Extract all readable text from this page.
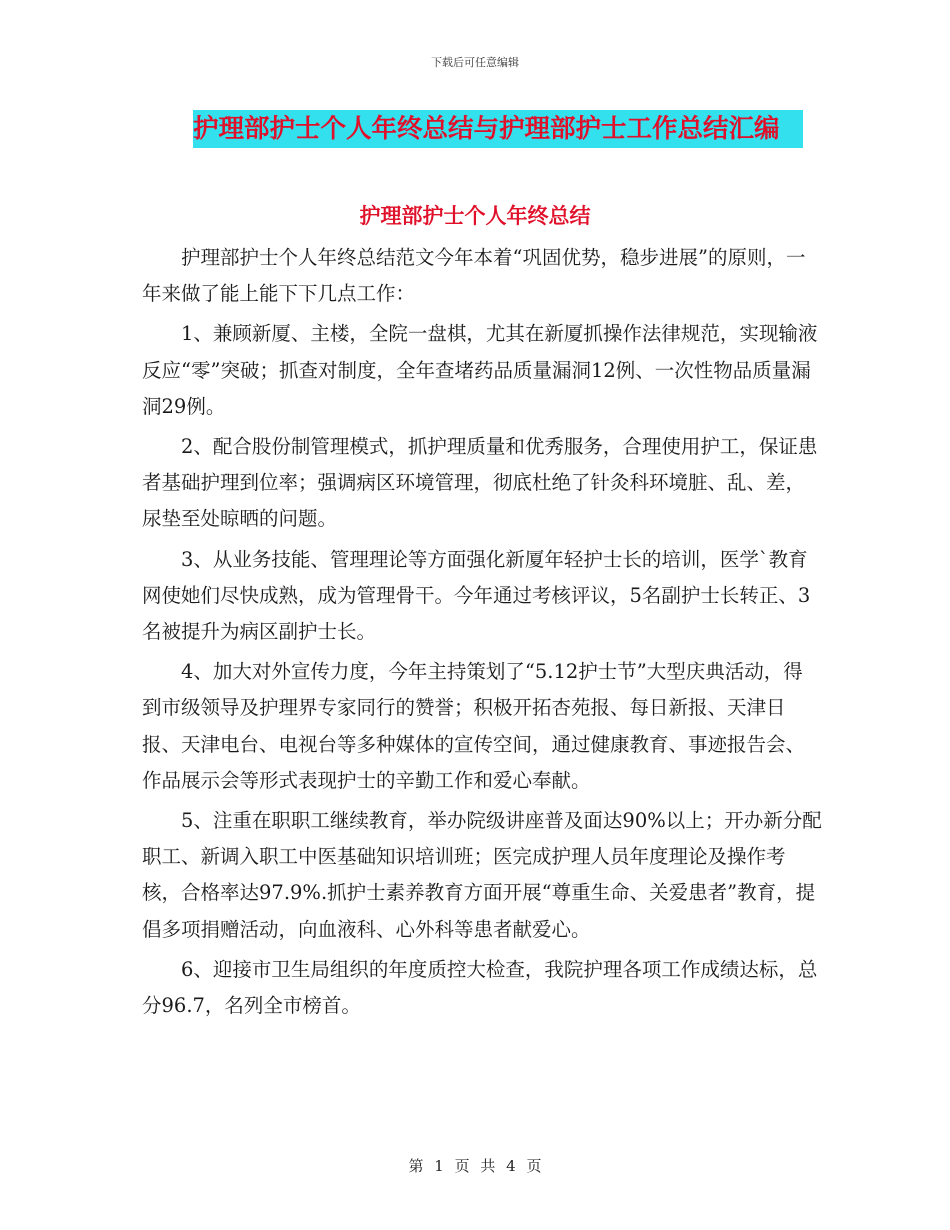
下载后可任意编辑
护理部护士个人年终总结与护理部护士工作总结汇编
护理部护士个人年终总结

护理部护士个人年终总结范文今年本着“巩固优势，稳步进展”的原则，一年来做了能上能下下几点工作：

1、兼顾新厦、主楼，全院一盘棋，尤其在新厦抓操作法律规范，实现输液反应“零”突破；抓查对制度，全年查堵药品质量漏洞12例、一次性物品质量漏洞29例。

2、配合股份制管理模式，抓护理质量和优秀服务，合理使用护工，保证患者基础护理到位率；强调病区环境管理，彻底杜绝了针灸科环境脏、乱、差，尿垫至处晾晒的问题。

3、从业务技能、管理理论等方面强化新厦年轻护士长的培训，医学`教育网使她们尽快成熟，成为管理骨干。今年通过考核评议，5名副护士长转正、3名被提升为病区副护士长。

4、加大对外宣传力度，今年主持策划了“5.12护士节”大型庆典活动，得到市级领导及护理界专家同行的赞誉；积极开拓杏苑报、每日新报、天津日报、天津电台、电视台等多种媒体的宣传空间，通过健康教育、事迹报告会、作品展示会等形式表现护士的辛勤工作和爱心奉献。

5、注重在职职工继续教育，举办院级讲座普及面达90%以上；开办新分配职工、新调入职工中医基础知识培训班；医完成护理人员年度理论及操作考核，合格率达97.9%.抓护士素养教育方面开展“尊重生命、关爱患者”教育，提倡多项捐赠活动，向血液科、心外科等患者献爱心。

6、迎接市卫生局组织的年度质控大检查，我院护理各项工作成绩达标，总分96.7，名列全市榜首。

第 1 页 共 4 页
